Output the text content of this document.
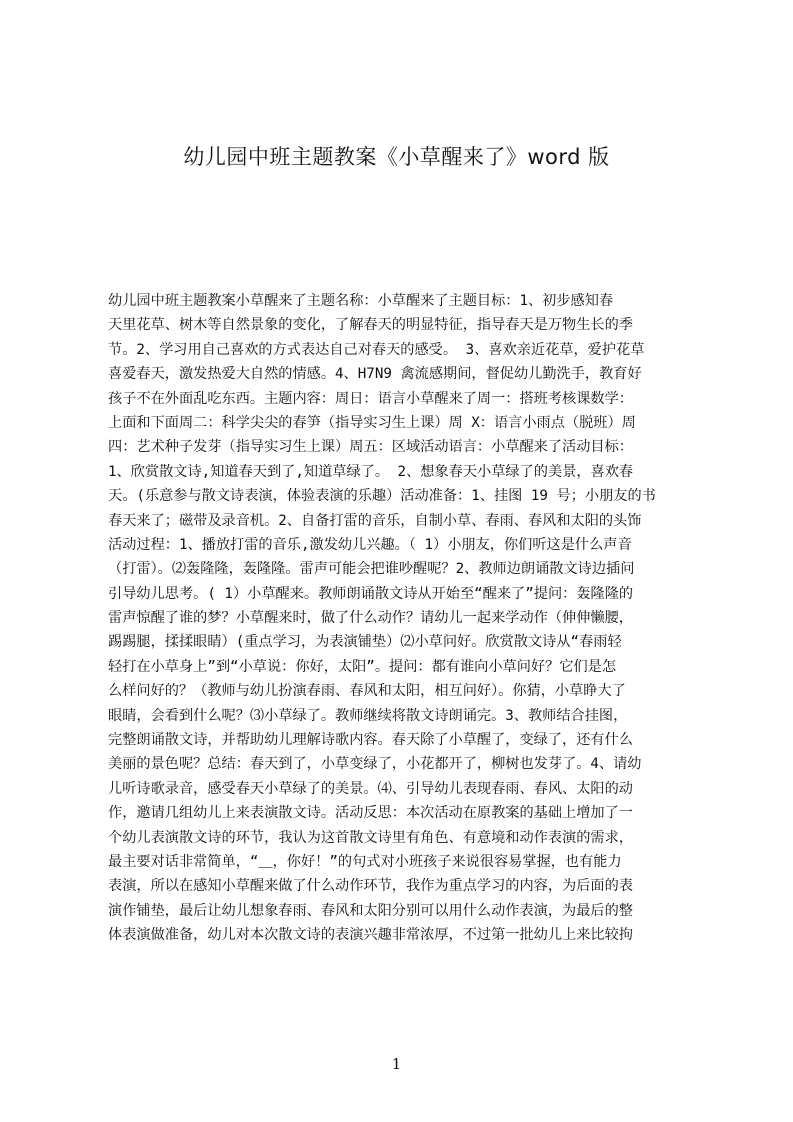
幼儿园中班主题教案《小草醒来了》word 版
幼儿园中班主题教案小草醒来了主题名称：小草醒来了主题目标：1、初步感知春
天里花草、树木等自然景象的变化，了解春天的明显特征，指导春天是万物生长的季
节。2、学习用自己喜欢的方式表达自己对春天的感受。 3、喜欢亲近花草，爱护花草
喜爱春天，激发热爱大自然的情感。4、H7N9 禽流感期间，督促幼儿勤洗手，教育好
孩子不在外面乱吃东西。主题内容：周日：语言小草醒来了周一：搭班考核课数学：
上面和下面周二：科学尖尖的春笋（指导实习生上课）周 X：语言小雨点（脱班）周
四：艺术种子发芽（指导实习生上课）周五：区域活动语言：小草醒来了活动目标：
1、欣赏散文诗,知道春天到了,知道草绿了。 2、想象春天小草绿了的美景，喜欢春
天。(乐意参与散文诗表演，体验表演的乐趣）活动准备：1、挂图 19 号；小朋友的书
春天来了；磁带及录音机。2、自备打雷的音乐，自制小草、春雨、春风和太阳的头饰
活动过程：1、播放打雷的音乐,激发幼儿兴趣。（ 1）小朋友，你们听这是什么声音
（打雷）。⑵轰隆隆，轰隆隆。雷声可能会把谁吵醒呢？2、教师边朗诵散文诗边插问
引导幼儿思考。( 1）小草醒来。教师朗诵散文诗从开始至“醒来了”提问：轰隆隆的
雷声惊醒了谁的梦？小草醒来时，做了什么动作？请幼儿一起来学动作（伸伸懒腰，
踢踢腿，揉揉眼睛）(重点学习，为表演铺垫）⑵小草问好。欣赏散文诗从“春雨轻
轻打在小草身上”到“小草说：你好，太阳”。提问：都有谁向小草问好？它们是怎
么样问好的？（教师与幼儿扮演春雨、春风和太阳，相互问好）。你猜，小草睁大了
眼睛，会看到什么呢？⑶小草绿了。教师继续将散文诗朗诵完。3、教师结合挂图，
完整朗诵散文诗，并帮助幼儿理解诗歌内容。春天除了小草醒了，变绿了，还有什么
美丽的景色呢？总结：春天到了，小草变绿了，小花都开了，柳树也发芽了。4、请幼
儿听诗歌录音，感受春天小草绿了的美景。⑷、引导幼儿表现春雨、春风、太阳的动
作，邀请几组幼儿上来表演散文诗。活动反思：本次活动在原教案的基础上增加了一
个幼儿表演散文诗的环节，我认为这首散文诗里有角色、有意境和动作表演的需求，
最主要对话非常简单，“＿，你好！”的句式对小班孩子来说很容易掌握，也有能力
表演，所以在感知小草醒来做了什么动作环节，我作为重点学习的内容，为后面的表
演作铺垫，最后让幼儿想象春雨、春风和太阳分别可以用什么动作表演，为最后的整
体表演做准备，幼儿对本次散文诗的表演兴趣非常浓厚，不过第一批幼儿上来比较拘
1
